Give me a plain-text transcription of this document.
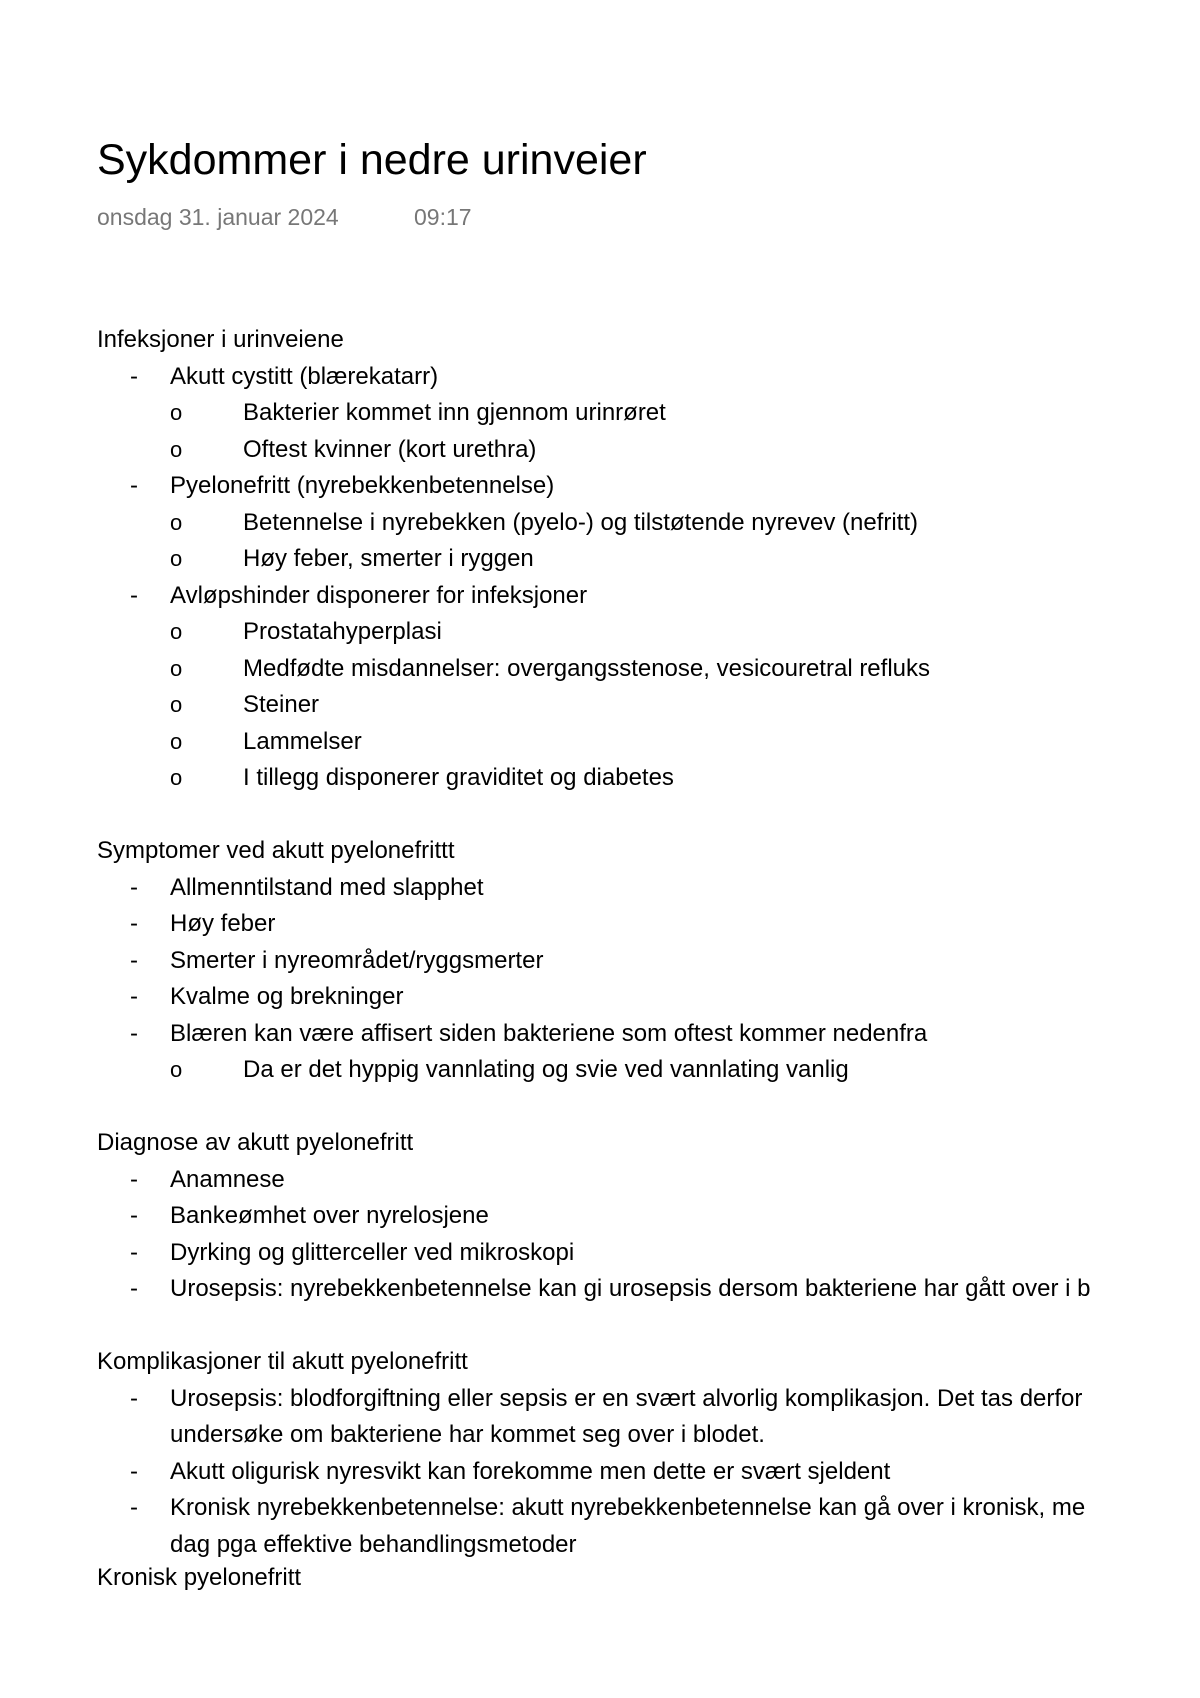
Sykdommer i nedre urinveier
onsdag 31. januar 2024	09:17
Infeksjoner i urinveiene
- Akutt cystitt (blærekatarr)
o	Bakterier kommet inn gjennom urinrøret
o	Oftest kvinner (kort urethra)
- Pyelonefritt (nyrebekkenbetennelse)
o	Betennelse i nyrebekken (pyelo-) og tilstøtende nyrevev (nefritt)
o	Høy feber, smerter i ryggen
- Avløpshinder disponerer for infeksjoner
o	Prostatahyperplasi
o	Medfødte misdannelser: overgangsstenose, vesicouretral refluks
o	Steiner
o	Lammelser
o	I tillegg disponerer graviditet og diabetes
Symptomer ved akutt pyelonefrittt
- Allmenntilstand med slapphet
- Høy feber
- Smerter i nyreområdet/ryggsmerter
- Kvalme og brekninger
- Blæren kan være affisert siden bakteriene som oftest kommer nedenfra
o	Da er det hyppig vannlating og svie ved vannlating vanlig
Diagnose av akutt pyelonefritt
- Anamnese
- Bankeømhet over nyrelosjene
- Dyrking og glitterceller ved mikroskopi
- Urosepsis: nyrebekkenbetennelse kan gi urosepsis dersom bakteriene har gått over i b
Komplikasjoner til akutt pyelonefritt
- Urosepsis: blodforgiftning eller sepsis er en svært alvorlig komplikasjon. Det tas derfor
undersøke om bakteriene har kommet seg over i blodet.
- Akutt oligurisk nyresvikt kan forekomme men dette er svært sjeldent
- Kronisk nyrebekkenbetennelse: akutt nyrebekkenbetennelse kan gå over i kronisk, me
dag pga effektive behandlingsmetoder
Kronisk pyelonefritt
